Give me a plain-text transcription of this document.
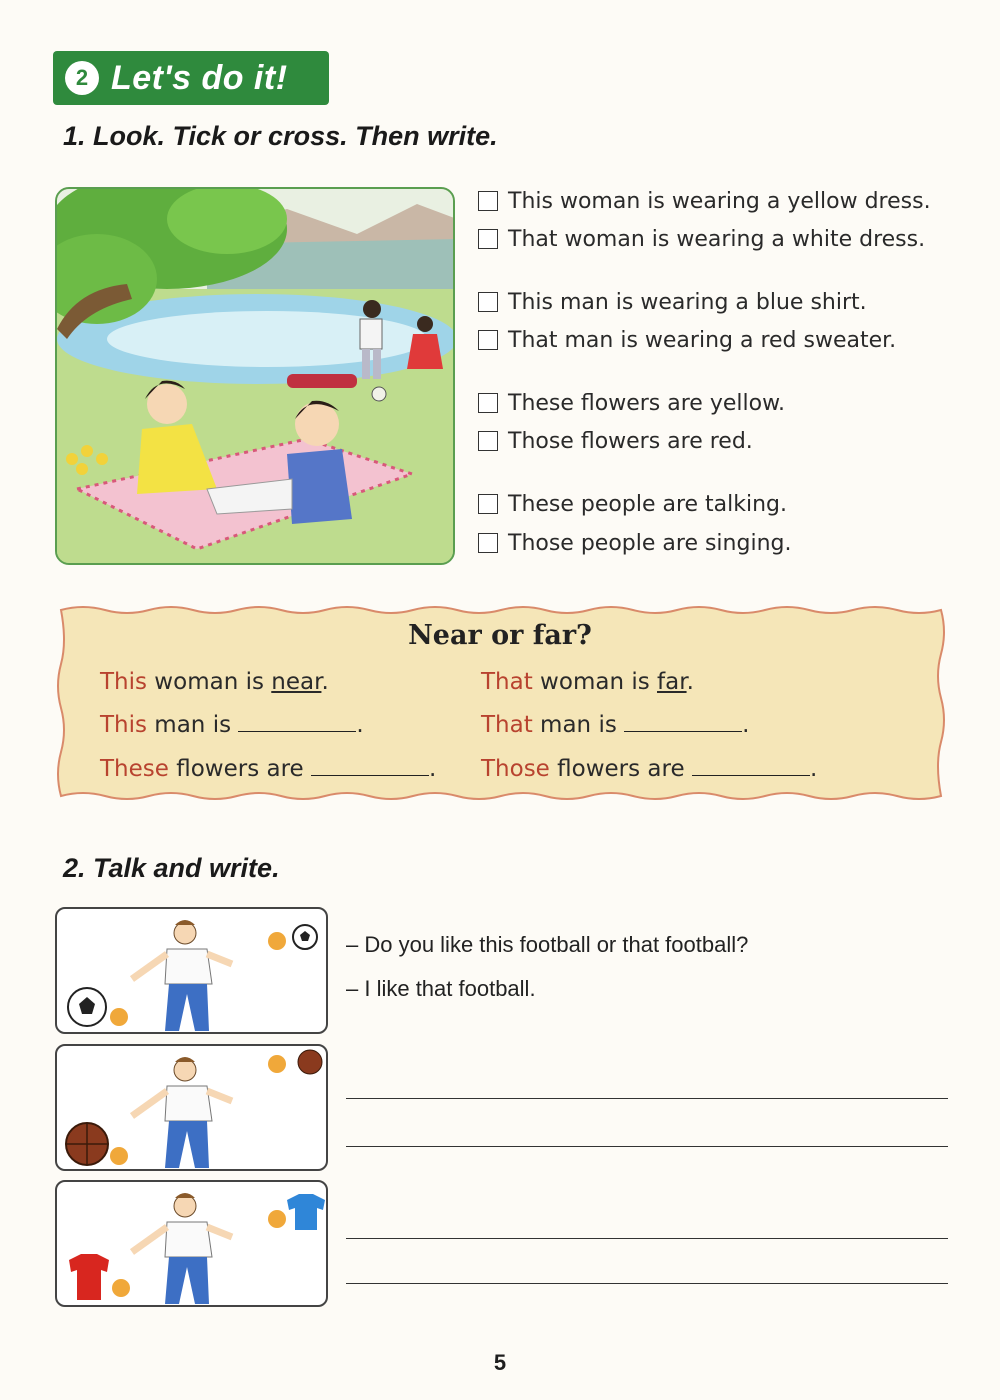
2 Let's do it!
1. Look. Tick or cross. Then write.
This woman is wearing a yellow dress.
That woman is wearing a white dress.
This man is wearing a blue shirt.
That man is wearing a red sweater.
These flowers are yellow.
Those flowers are red.
These people are talking.
Those people are singing.
Near or far?
This woman is near.	That woman is far.
This man is	.	That man is	.
These flowers are	. Those flowers are	.
2. Talk and write.
– Do you like this football or that football?
– I like that football.
5
